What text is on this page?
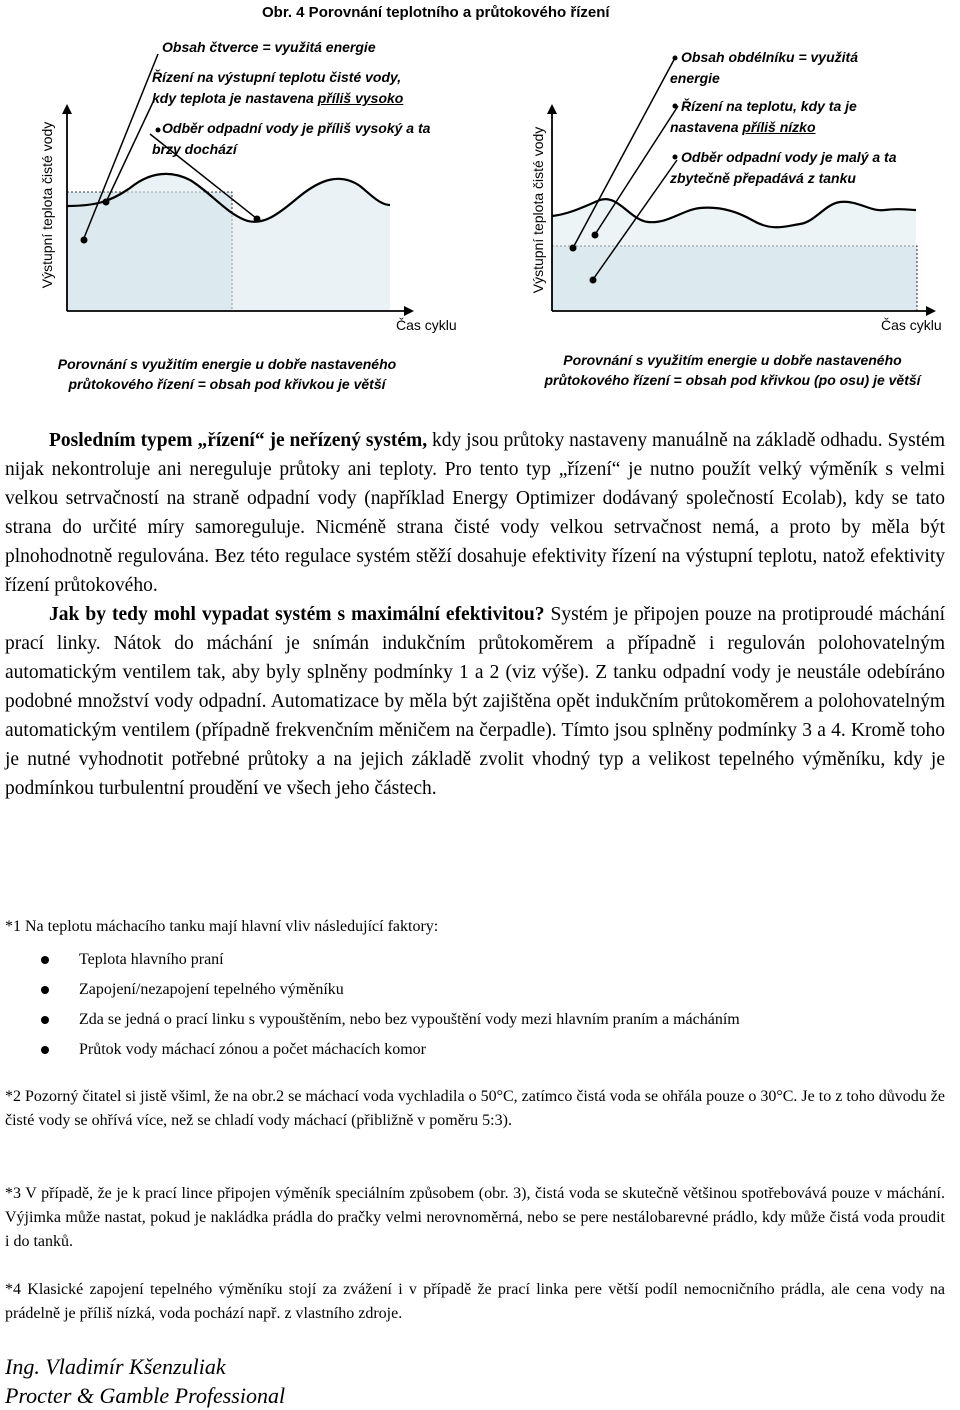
Výstupní teplota čisté vody	Výstupní teplota čisté vody
Obr. 4 Porovnání teplotního a průtokového řízení
Obsah čtverce = využitá energie
Řízení na výstupní teplotu čisté vody,
kdy teplota je nastavena příliš vysoko
Odběr odpadní vody je příliš vysoký a ta
brzy dochází
Čas cyklu
Porovnání s využitím energie u dobře nastaveného
průtokového řízení = obsah pod křivkou je větší
Obsah obdélníku = využitá
energie
Řízení na teplotu, kdy ta je
nastavena příliš nízko
Odběr odpadní vody je malý a ta
zbytečně přepadává z tanku
Čas cyklu
Porovnání s využitím energie u dobře nastaveného
průtokového řízení = obsah pod křivkou (po osu) je větší

Posledním typem „řízení“ je neřízený systém, kdy jsou průtoky nastaveny manuálně na základě odhadu. Systém nijak nekontroluje ani nereguluje průtoky ani teploty. Pro tento typ „řízení“ je nutno použít velký výměník s velmi velkou setrvačností na straně odpadní vody (například Energy Optimizer dodávaný společností Ecolab), kdy se tato strana do určité míry samoreguluje. Nicméně strana čisté vody velkou setrvačnost nemá, a proto by měla být plnohodnotně regulována. Bez této regulace systém stěží dosahuje efektivity řízení na výstupní teplotu, natož efektivity řízení průtokového.

Jak by tedy mohl vypadat systém s maximální efektivitou? Systém je připojen pouze na protiproudé máchání prací linky. Nátok do máchání je snímán indukčním průtokoměrem a případně i regulován polohovatelným automatickým ventilem tak, aby byly splněny podmínky 1 a 2 (viz výše). Z tanku odpadní vody je neustále odebíráno podobné množství vody odpadní. Automatizace by měla být zajištěna opět indukčním průtokoměrem a polohovatelným automatickým ventilem (případně frekvenčním měničem na čerpadle). Tímto jsou splněny podmínky 3 a 4. Kromě toho je nutné vyhodnotit potřebné průtoky a na jejich základě zvolit vhodný typ a velikost tepelného výměníku, kdy je podmínkou turbulentní proudění ve všech jeho částech.

*1 Na teplotu máchacího tanku mají hlavní vliv následující faktory:

Teplota hlavního praní
Zapojení/nezapojení tepelného výměníku
Zda se jedná o prací linku s vypouštěním, nebo bez vypouštění vody mezi hlavním praním a mácháním
Průtok vody máchací zónou a počet máchacích komor

*2 Pozorný čitatel si jistě všiml, že na obr.2 se máchací voda vychladila o 50°C, zatímco čistá voda se ohřála pouze o 30°C. Je to z toho důvodu že čisté vody se ohřívá více, než se chladí vody máchací (přibližně v poměru 5:3).

*3 V případě, že je k prací lince připojen výměník speciálním způsobem (obr. 3), čistá voda se skutečně většinou spotřebovává pouze v máchání. Výjimka může nastat, pokud je nakládka prádla do pračky velmi nerovnoměrná, nebo se pere nestálobarevné prádlo, kdy může čistá voda proudit i do tanků.

*4 Klasické zapojení tepelného výměníku stojí za zvážení i v případě že prací linka pere větší podíl nemocničního prádla, ale cena vody na prádelně je příliš nízká, voda pochází např. z vlastního zdroje.

Ing. Vladimír Kšenzuliak
Procter & Gamble Professional
